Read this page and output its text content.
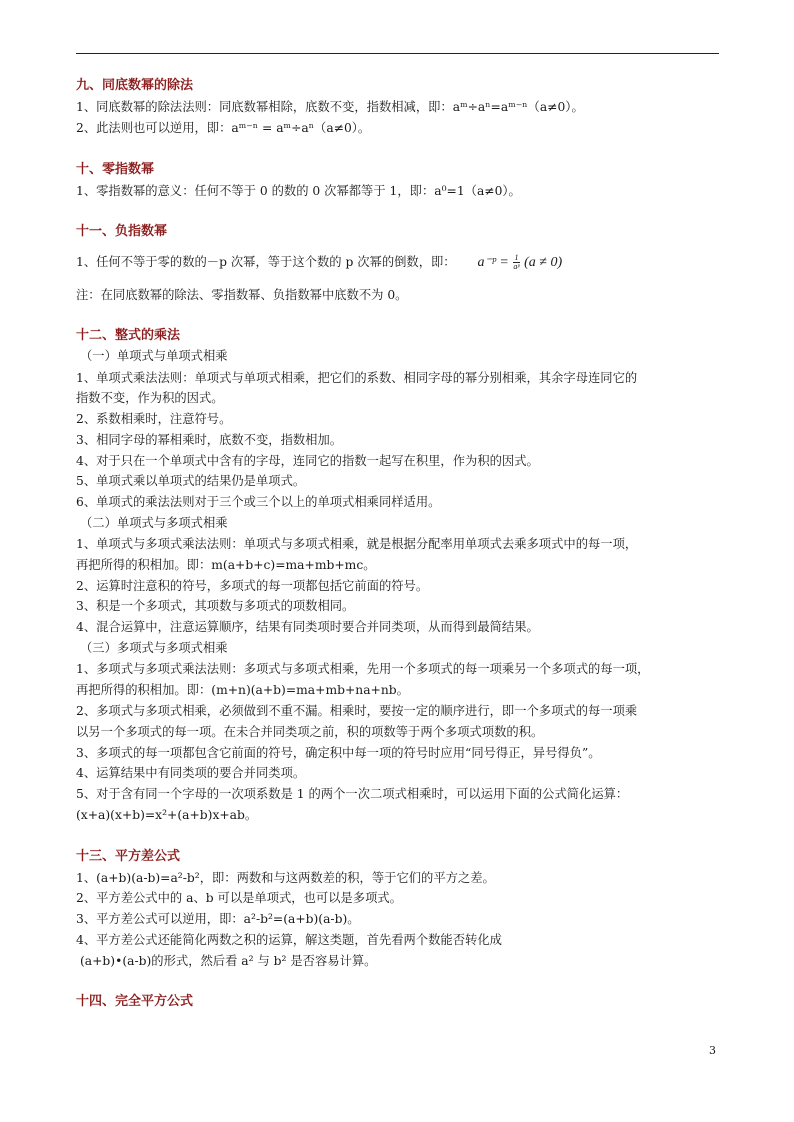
九、同底数幂的除法
1、同底数幂的除法法则：同底数幂相除，底数不变，指数相减，即：aᵐ÷aⁿ=aᵐ⁻ⁿ（a≠0）。
2、此法则也可以逆用，即：aᵐ⁻ⁿ = aᵐ÷aⁿ（a≠0）。
十、零指数幂
1、零指数幂的意义：任何不等于 0 的数的 0 次幂都等于 1，即：a⁰=1（a≠0）。
十一、负指数幂
1、任何不等于零的数的－p 次幂，等于这个数的 p 次幂的倒数，即： a⁻ᵖ = $\frac{1}{\text{aᵖ}} (a \ne 0)$
注：在同底数幂的除法、零指数幂、负指数幂中底数不为 0。
十二、整式的乘法
（一）单项式与单项式相乘
1、单项式乘法法则：单项式与单项式相乘，把它们的系数、相同字母的幂分别相乘，其余字母连同它的
指数不变，作为积的因式。
2、系数相乘时，注意符号。
3、相同字母的幂相乘时，底数不变，指数相加。
4、对于只在一个单项式中含有的字母，连同它的指数一起写在积里，作为积的因式。
5、单项式乘以单项式的结果仍是单项式。
6、单项式的乘法法则对于三个或三个以上的单项式相乘同样适用。
（二）单项式与多项式相乘
1、单项式与多项式乘法法则：单项式与多项式相乘，就是根据分配率用单项式去乘多项式中的每一项，
再把所得的积相加。即：m(a+b+c)=ma+mb+mc。
2、运算时注意积的符号，多项式的每一项都包括它前面的符号。
3、积是一个多项式，其项数与多项式的项数相同。
4、混合运算中，注意运算顺序，结果有同类项时要合并同类项，从而得到最简结果。
（三）多项式与多项式相乘
1、多项式与多项式乘法法则：多项式与多项式相乘，先用一个多项式的每一项乘另一个多项式的每一项，
再把所得的积相加。即：(m+n)(a+b)=ma+mb+na+nb。
2、多项式与多项式相乘，必须做到不重不漏。相乘时，要按一定的顺序进行，即一个多项式的每一项乘
以另一个多项式的每一项。在未合并同类项之前，积的项数等于两个多项式项数的积。
3、多项式的每一项都包含它前面的符号，确定积中每一项的符号时应用“同号得正，异号得负”。
4、运算结果中有同类项的要合并同类项。
5、对于含有同一个字母的一次项系数是 1 的两个一次二项式相乘时，可以运用下面的公式简化运算：
(x+a)(x+b)=x²+(a+b)x+ab。
十三、平方差公式
1、(a+b)(a-b)=a²-b²，即：两数和与这两数差的积，等于它们的平方之差。
2、平方差公式中的 a、b 可以是单项式，也可以是多项式。
3、平方差公式可以逆用，即：a²-b²=(a+b)(a-b)。
4、平方差公式还能简化两数之积的运算，解这类题，首先看两个数能否转化成
(a+b)•(a-b)的形式，然后看 a² 与 b² 是否容易计算。
十四、完全平方公式
3
